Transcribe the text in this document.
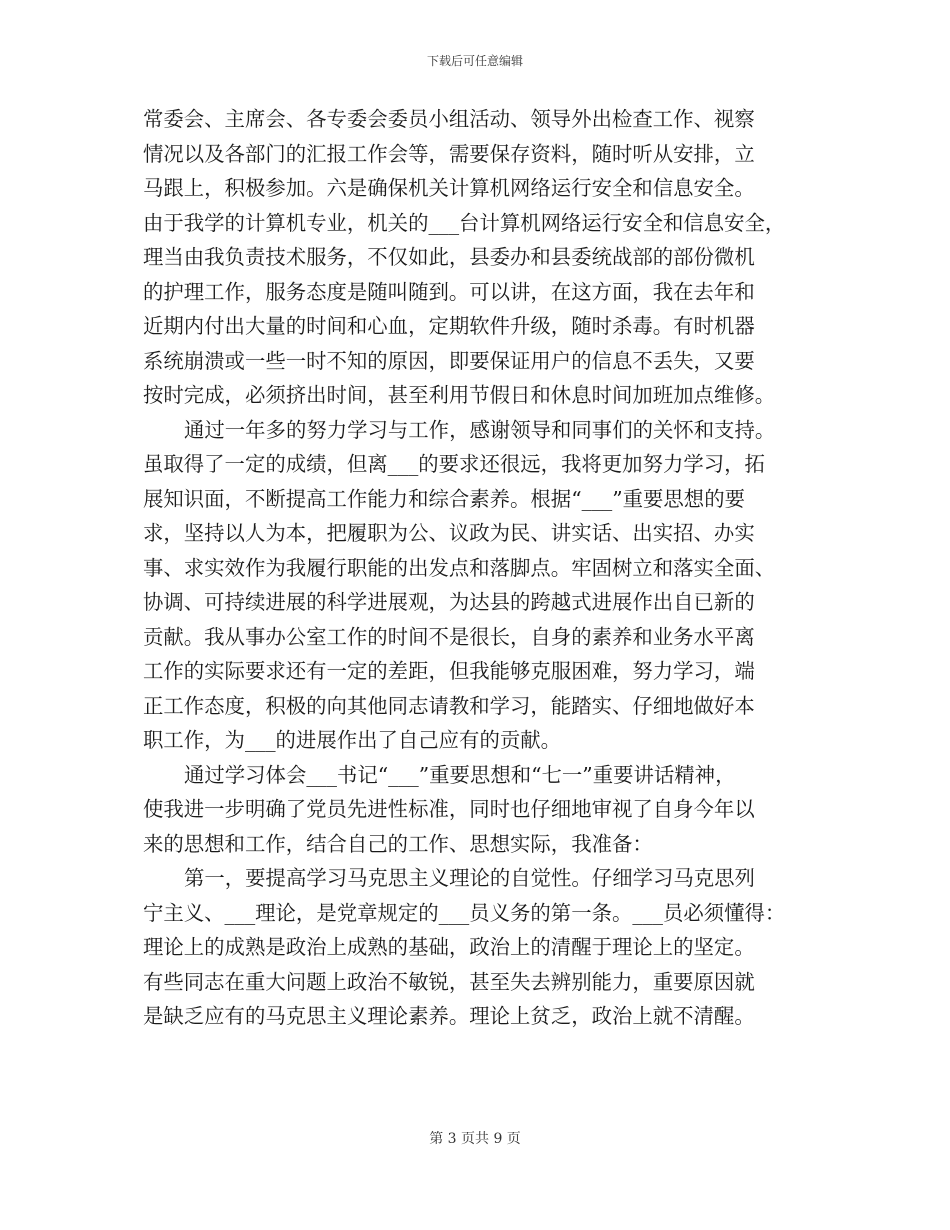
下载后可任意编辑
常委会、主席会、各专委会委员小组活动、领导外出检查工作、视察
情况以及各部门的汇报工作会等，需要保存资料，随时听从安排，立
马跟上，积极参加。六是确保机关计算机网络运行安全和信息安全。
由于我学的计算机专业，机关的___台计算机网络运行安全和信息安全，
理当由我负责技术服务，不仅如此，县委办和县委统战部的部份微机
的护理工作，服务态度是随叫随到。可以讲，在这方面，我在去年和
近期内付出大量的时间和心血，定期软件升级，随时杀毒。有时机器
系统崩溃或一些一时不知的原因，即要保证用户的信息不丢失，又要
按时完成，必须挤出时间，甚至利用节假日和休息时间加班加点维修。
通过一年多的努力学习与工作，感谢领导和同事们的关怀和支持。
虽取得了一定的成绩，但离___的要求还很远，我将更加努力学习，拓
展知识面，不断提高工作能力和综合素养。根据“___”重要思想的要
求，坚持以人为本，把履职为公、议政为民、讲实话、出实招、办实
事、求实效作为我履行职能的出发点和落脚点。牢固树立和落实全面、
协调、可持续进展的科学进展观，为达县的跨越式进展作出自已新的
贡献。我从事办公室工作的时间不是很长，自身的素养和业务水平离
工作的实际要求还有一定的差距，但我能够克服困难，努力学习，端
正工作态度，积极的向其他同志请教和学习，能踏实、仔细地做好本
职工作，为___的进展作出了自己应有的贡献。
通过学习体会___书记“___”重要思想和“七一”重要讲话精神，
使我进一步明确了党员先进性标准，同时也仔细地审视了自身今年以
来的思想和工作，结合自己的工作、思想实际，我准备：
第一，要提高学习马克思主义理论的自觉性。仔细学习马克思列
宁主义、___理论，是党章规定的___员义务的第一条。___员必须懂得：
理论上的成熟是政治上成熟的基础，政治上的清醒于理论上的坚定。
有些同志在重大问题上政治不敏锐，甚至失去辨别能力，重要原因就
是缺乏应有的马克思主义理论素养。理论上贫乏，政治上就不清醒。
第 3 页共 9 页
